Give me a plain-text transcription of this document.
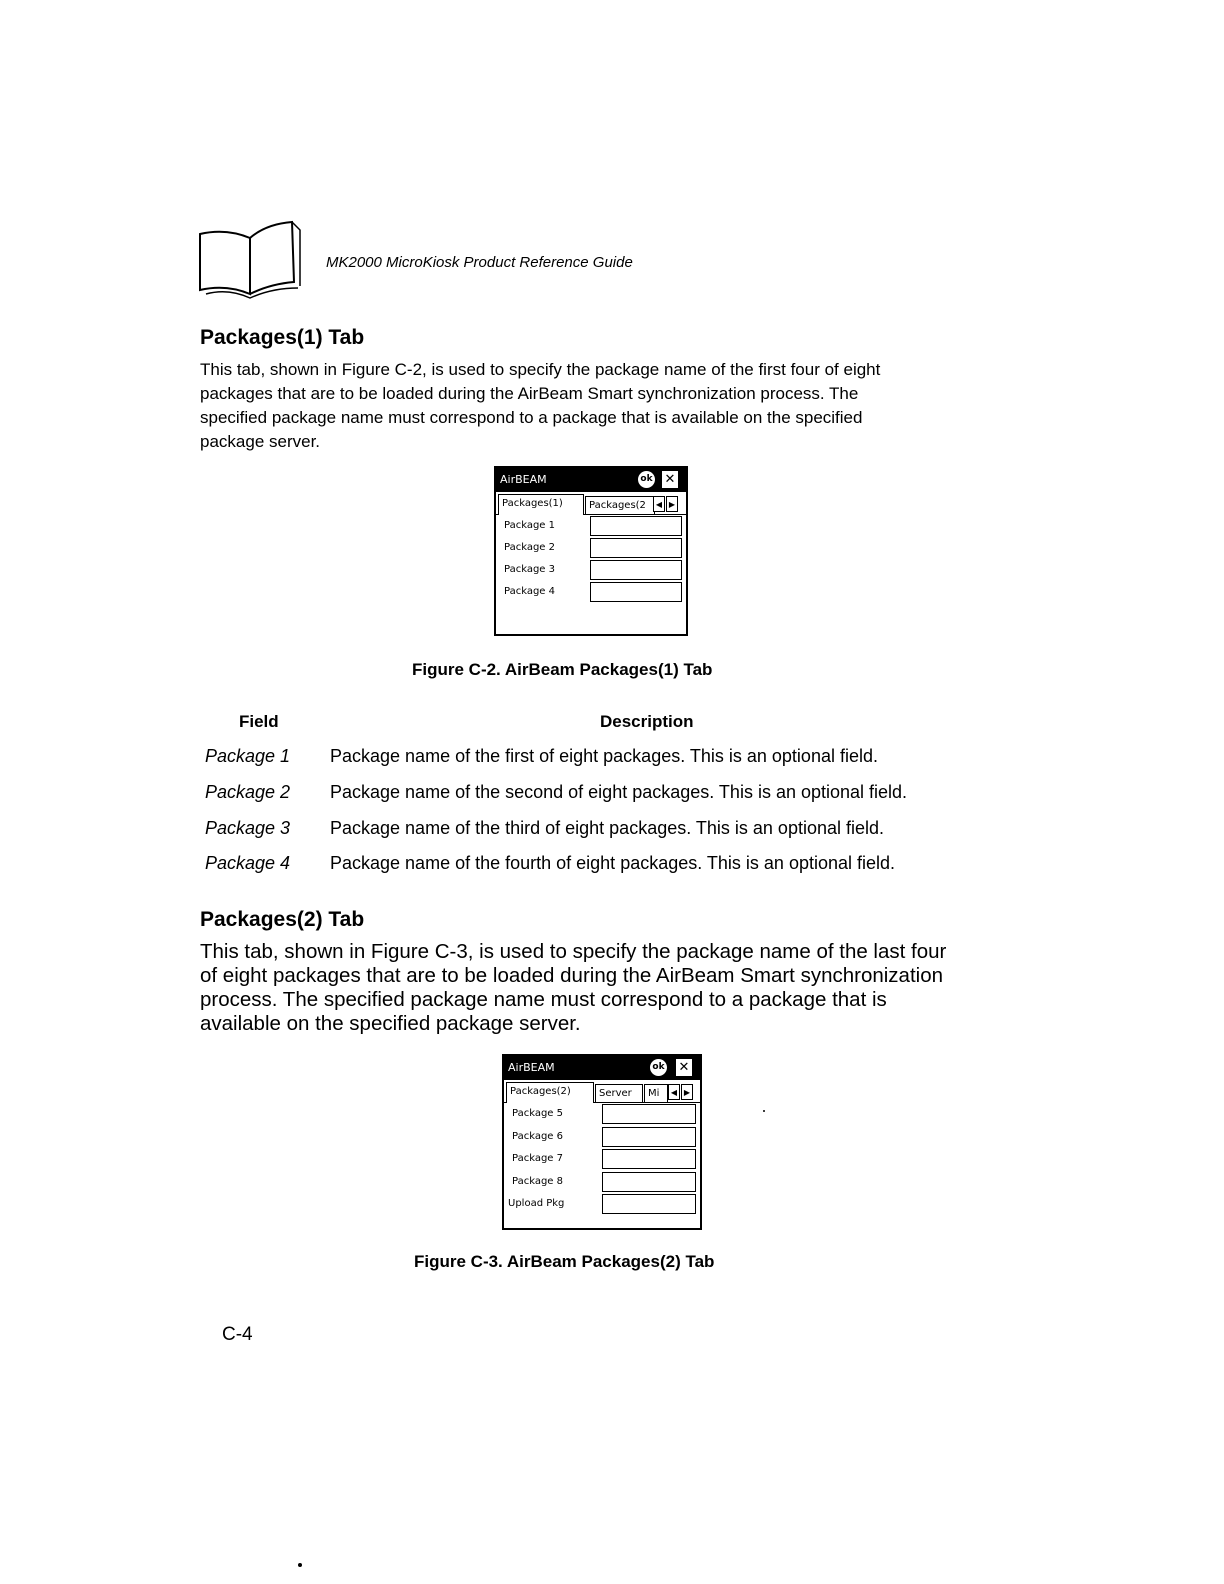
MK2000 MicroKiosk Product Reference Guide
Packages(1) Tab

This tab, shown in Figure C-2, is used to specify the package name of the first four of eight
packages that are to be loaded during the AirBeam Smart synchronization process. The
specified package name must correspond to a package that is available on the specified
package server.

AirBEAM	ok ✕
Packages(1)	Packages(2	◀ ▶
Package 1
Package 2
Package 3
Package 4
Figure C-2. AirBeam Packages(1) Tab
Field	Description
Package 1 Package name of the first of eight packages. This is an optional field.
Package 2 Package name of the second of eight packages. This is an optional field.
Package 3 Package name of the third of eight packages. This is an optional field.
Package 4 Package name of the fourth of eight packages. This is an optional field.
Packages(2) Tab

This tab, shown in Figure C-3, is used to specify the package name of the last four
of eight packages that are to be loaded during the AirBeam Smart synchronization
process. The specified package name must correspond to a package that is
available on the specified package server.

AirBEAM	ok ✕
Packages(2)	Server	Mi	◀ ▶
Package 5
Package 6
Package 7
Package 8
Upload Pkg
Figure C-3. AirBeam Packages(2) Tab
C-4
